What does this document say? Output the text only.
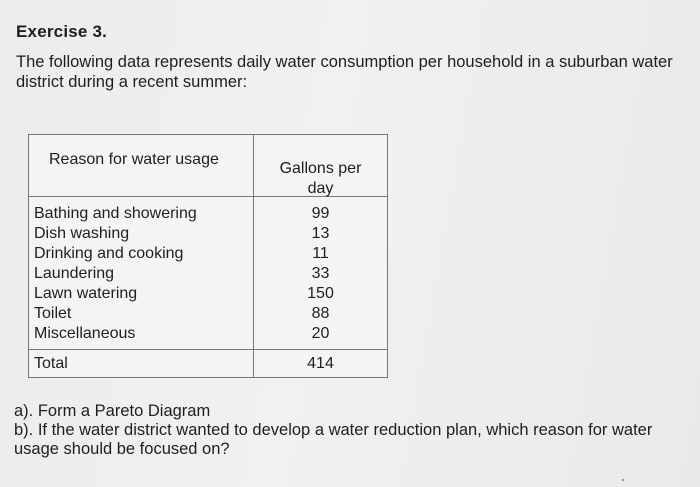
Exercise 3.
The following data represents daily water consumption per household in a suburban water district during a recent summer:
Reason for water usage
Gallons per
day
Bathing and showering
Dish washing
Drinking and cooking
Laundering
Lawn watering
Toilet
Miscellaneous
99
13
11
33
150
88
20
Total	414
a). Form a Pareto Diagram
b). If the water district wanted to develop a water reduction plan, which reason for water usage should be focused on?
